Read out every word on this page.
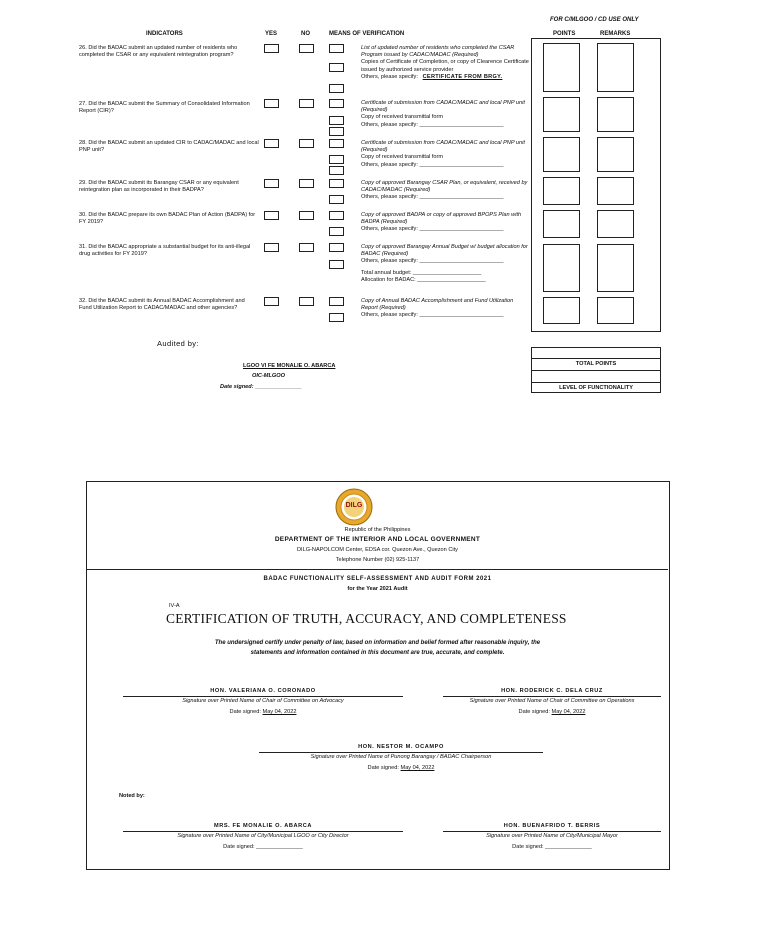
FOR C/MLGOO / CD USE ONLY
INDICATORS	YES	NO	MEANS OF VERIFICATION	POINTS	REMARKS
26. Did the BADAC submit an updated number of residents who completed the CSAR or any equivalent reintegration program?
List of updated number of residents who completed the CSAR Program issued by CADAC/MADAC (Required)
Copies of Certificate of Completion, or copy of Clearence Certificate issued by authorized service provider
Others, please specify: CERTIFICATE FROM BRGY.
27. Did the BADAC submit the Summary of Consolidated Information Report (CIR)?
Certificate of submission from CADAC/MADAC and local PNP unit (Required)
Copy of received transmittal form
Others, please specify: ___________________________
28. Did the BADAC submit an updated CIR to CADAC/MADAC and local PNP unit?
Certificate of submission from CADAC/MADAC and local PNP unit (Required)
Copy of received transmittal form
Others, please specify: ___________________________
29. Did the BADAC submit its Barangay CSAR or any equivalent reintegration plan as incorporated in their BADPA?
Copy of approved Barangay CSAR Plan, or equivalent, received by CADAC/MADAC (Required)
Others, please specify: ___________________________
30. Did the BADAC prepare its own BADAC Plan of Action (BADPA) for FY 2019?
Copy of approved BADPA or copy of approved BPOPS Plan with BADPA (Required)
Others, please specify: ___________________________
31. Did the BADAC appropriate a substantial budget for its anti-illegal drug activities for FY 2019?
Copy of approved Barangay Annual Budget w/ budget allocation for BADAC (Required)
Others, please specify: ___________________________
Total annual budget: ______________________
Allocation for BADAC: ______________________
32. Did the BADAC submit its Annual BADAC Accomplishment and Fund Utilization Report to CADAC/MADAC and other agencies?
Copy of Annual BADAC Accomplishment and Fund Utilization Report (Required)
Others, please specify: ___________________________
Audited by:
LGOO VI FE MONALIE O. ABARCA
OIC-MLGOO
Date signed: _______________
TOTAL POINTS
LEVEL OF FUNCTIONALITY
DILG
Republic of the Philippines
DEPARTMENT OF THE INTERIOR AND LOCAL GOVERNMENT
DILG-NAPOLCOM Center, EDSA cor. Quezon Ave., Quezon City
Telephone Number (02) 925-1137
BADAC FUNCTIONALITY SELF-ASSESSMENT AND AUDIT FORM 2021
for the Year 2021 Audit
IV-A
CERTIFICATION OF TRUTH, ACCURACY, AND COMPLETENESS
The undersigned certify under penalty of law, based on information and belief formed after reasonable inquiry, the
statements and information contained in this document are true, accurate, and complete.
HON. VALERIANA O. CORONADO
Signature over Printed Name of Chair of Committee on Advocacy
Date signed: May 04, 2022
HON. RODERICK C. DELA CRUZ
Signature over Printed Name of Chair of Committee on Operations
Date signed: May 04, 2022
HON. NESTOR M. OCAMPO
Signature over Printed Name of Punong Barangay / BADAC Chairperson
Date signed: May 04, 2022
Noted by:
MRS. FE MONALIE O. ABARCA
Signature over Printed Name of City/Municipal LGOO or City Director
Date signed: _______________
HON. BUENAFRIDO T. BERRIS
Signature over Printed Name of City/Municipal Mayor
Date signed: _______________
